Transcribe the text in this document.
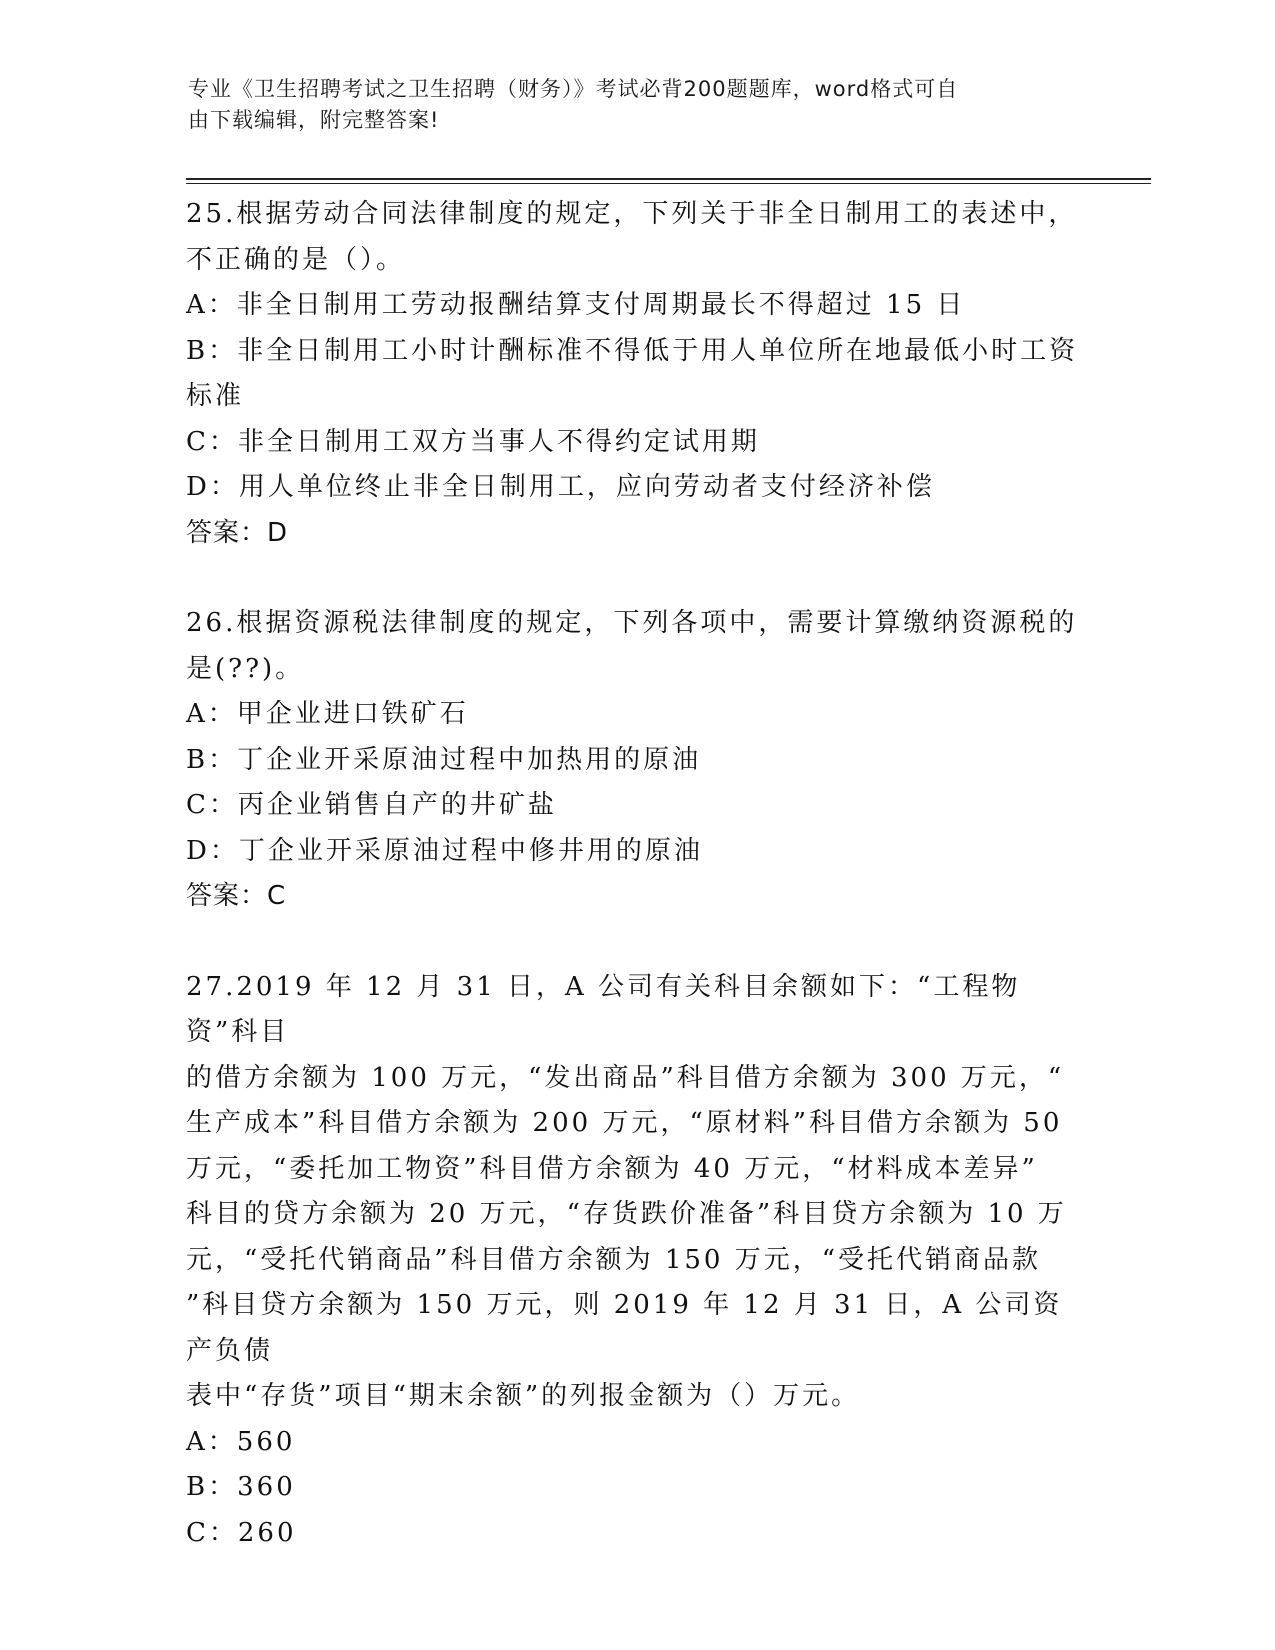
专业《卫生招聘考试之卫生招聘（财务）》考试必背200题题库，word格式可自
由下载编辑，附完整答案!
25.根据劳动合同法律制度的规定，下列关于非全日制用工的表述中，
不正确的是（）。
A：非全日制用工劳动报酬结算支付周期最长不得超过 15 日
B：非全日制用工小时计酬标准不得低于用人单位所在地最低小时工资
标准
C：非全日制用工双方当事人不得约定试用期
D：用人单位终止非全日制用工，应向劳动者支付经济补偿
答案：D
26.根据资源税法律制度的规定，下列各项中，需要计算缴纳资源税的
是(??)。
A：甲企业进口铁矿石
B：丁企业开采原油过程中加热用的原油
C：丙企业销售自产的井矿盐
D：丁企业开采原油过程中修井用的原油
答案：C
27.2019 年 12 月 31 日，A 公司有关科目余额如下：“工程物资”科目
的借方余额为 100 万元，“发出商品”科目借方余额为 300 万元，“
生产成本”科目借方余额为 200 万元，“原材料”科目借方余额为 50
万元，“委托加工物资”科目借方余额为 40 万元，“材料成本差异”
科目的贷方余额为 20 万元，“存货跌价准备”科目贷方余额为 10 万
元，“受托代销商品”科目借方余额为 150 万元，“受托代销商品款
”科目贷方余额为 150 万元，则 2019 年 12 月 31 日，A 公司资产负债
表中“存货”项目“期末余额”的列报金额为（）万元。
A：560
B：360
C：260
